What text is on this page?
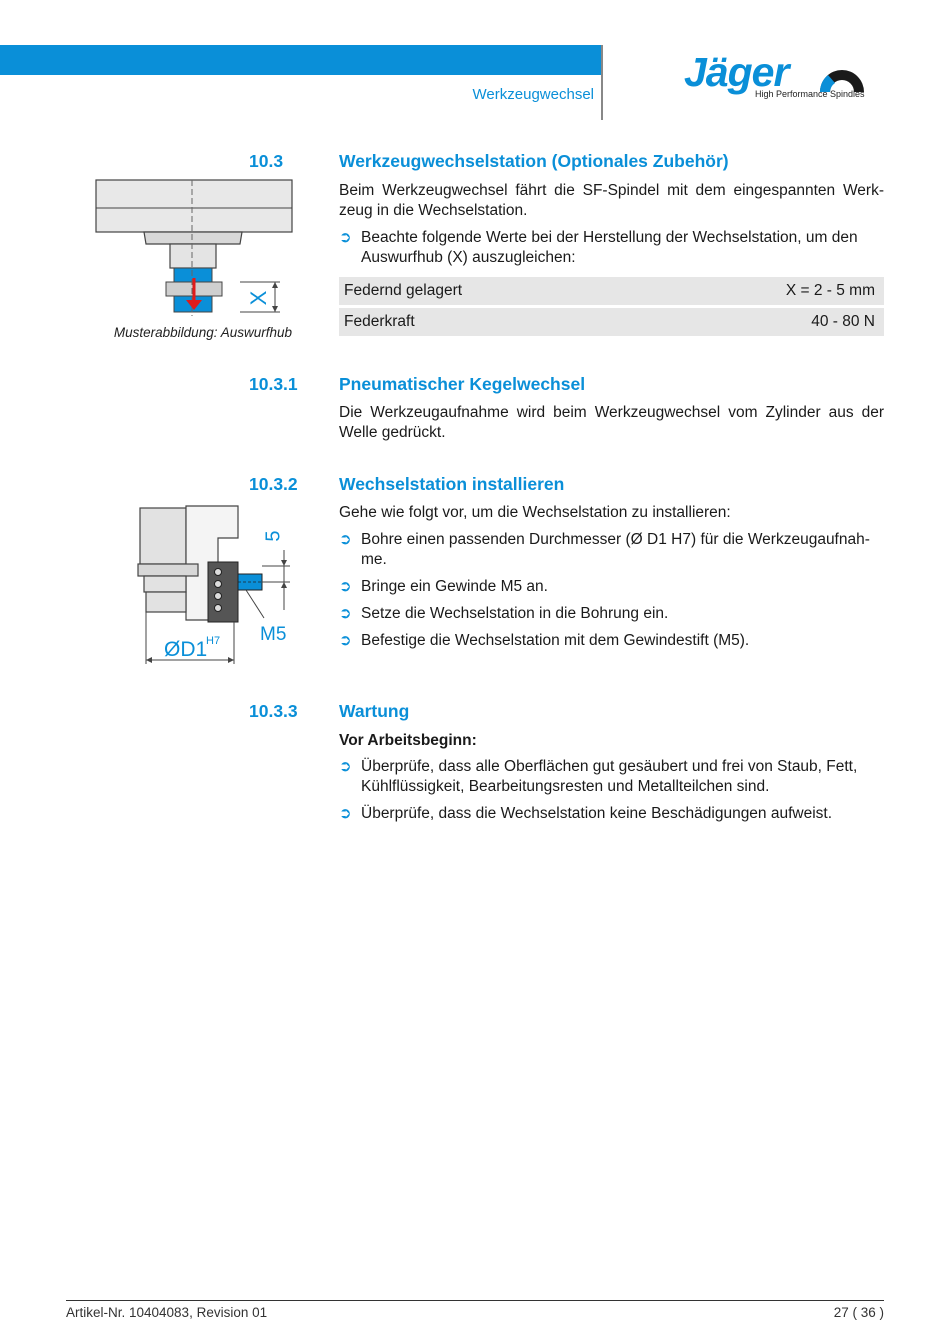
Werkzeugwechsel Jäger
High Performance Spindles
10.3	Werkzeugwechselstation (Optionales Zubehör)
Beim Werkzeugwechsel fährt die SF-Spindel mit dem eingespannten Werk-
zeug in die Wechselstation.
➲ Beachte folgende Werte bei der Herstellung der Wechselstation, um den
Auswurfhub (X) auszugleichen:
Federnd gelagert	X = 2 - 5 mm
Federkraft	40 - 80 N
X
Musterabbildung: Auswurfhub
10.3.1 Pneumatischer Kegelwechsel
Die Werkzeugaufnahme wird beim Werkzeugwechsel vom Zylinder aus der
Welle gedrückt.
10.3.2 Wechselstation installieren
Gehe wie folgt vor, um die Wechselstation zu installieren:
➲ Bohre einen passenden Durchmesser (Ø D1 H7) für die Werkzeugaufnah-
me.
➲ Bringe ein Gewinde M5 an.
➲ Setze die Wechselstation in die Bohrung ein.
➲ Befestige die Wechselstation mit dem Gewindestift (M5).
5
M5
ØD1
H7
10.3.3 Wartung
Vor Arbeitsbeginn:
➲ Überprüfe, dass alle Oberflächen gut gesäubert und frei von Staub, Fett,
Kühlflüssigkeit, Bearbeitungsresten und Metallteilchen sind.
➲ Überprüfe, dass die Wechselstation keine Beschädigungen aufweist.
Artikel-Nr. 10404083, Revision 01	27 ( 36 )
